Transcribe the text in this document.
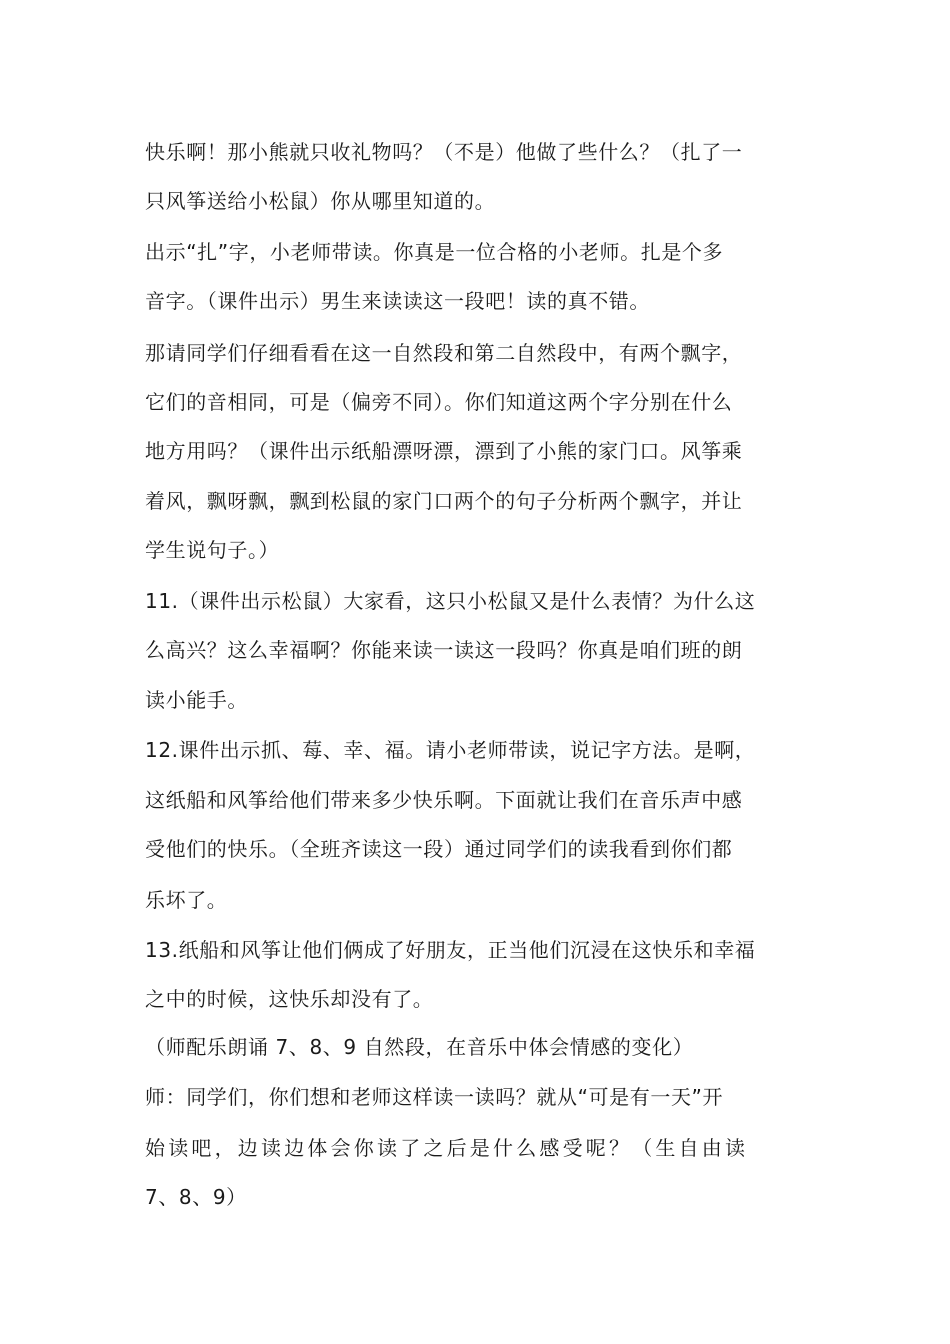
快乐啊！那小熊就只收礼物吗？（不是）他做了些什么？（扎了一
只风筝送给小松鼠）你从哪里知道的。
出示“扎”字，小老师带读。你真是一位合格的小老师。扎是个多
音字。（课件出示）男生来读读这一段吧！读的真不错。
那请同学们仔细看看在这一自然段和第二自然段中，有两个飘字，
它们的音相同，可是（偏旁不同）。你们知道这两个字分别在什么
地方用吗？（课件出示纸船漂呀漂，漂到了小熊的家门口。风筝乘
着风，飘呀飘，飘到松鼠的家门口两个的句子分析两个飘字，并让
学生说句子。）
11.（课件出示松鼠）大家看，这只小松鼠又是什么表情？为什么这
么高兴？这么幸福啊？你能来读一读这一段吗？你真是咱们班的朗
读小能手。
12.课件出示抓、莓、幸、福。请小老师带读，说记字方法。是啊，
这纸船和风筝给他们带来多少快乐啊。下面就让我们在音乐声中感
受他们的快乐。（全班齐读这一段）通过同学们的读我看到你们都
乐坏了。
13.纸船和风筝让他们俩成了好朋友，正当他们沉浸在这快乐和幸福
之中的时候，这快乐却没有了。
（师配乐朗诵 7、8、9 自然段，在音乐中体会情感的变化）
师：同学们，你们想和老师这样读一读吗？就从“可是有一天”开
始读吧，边读边体会你读了之后是什么感受呢？（生自由读
7、8、9）
